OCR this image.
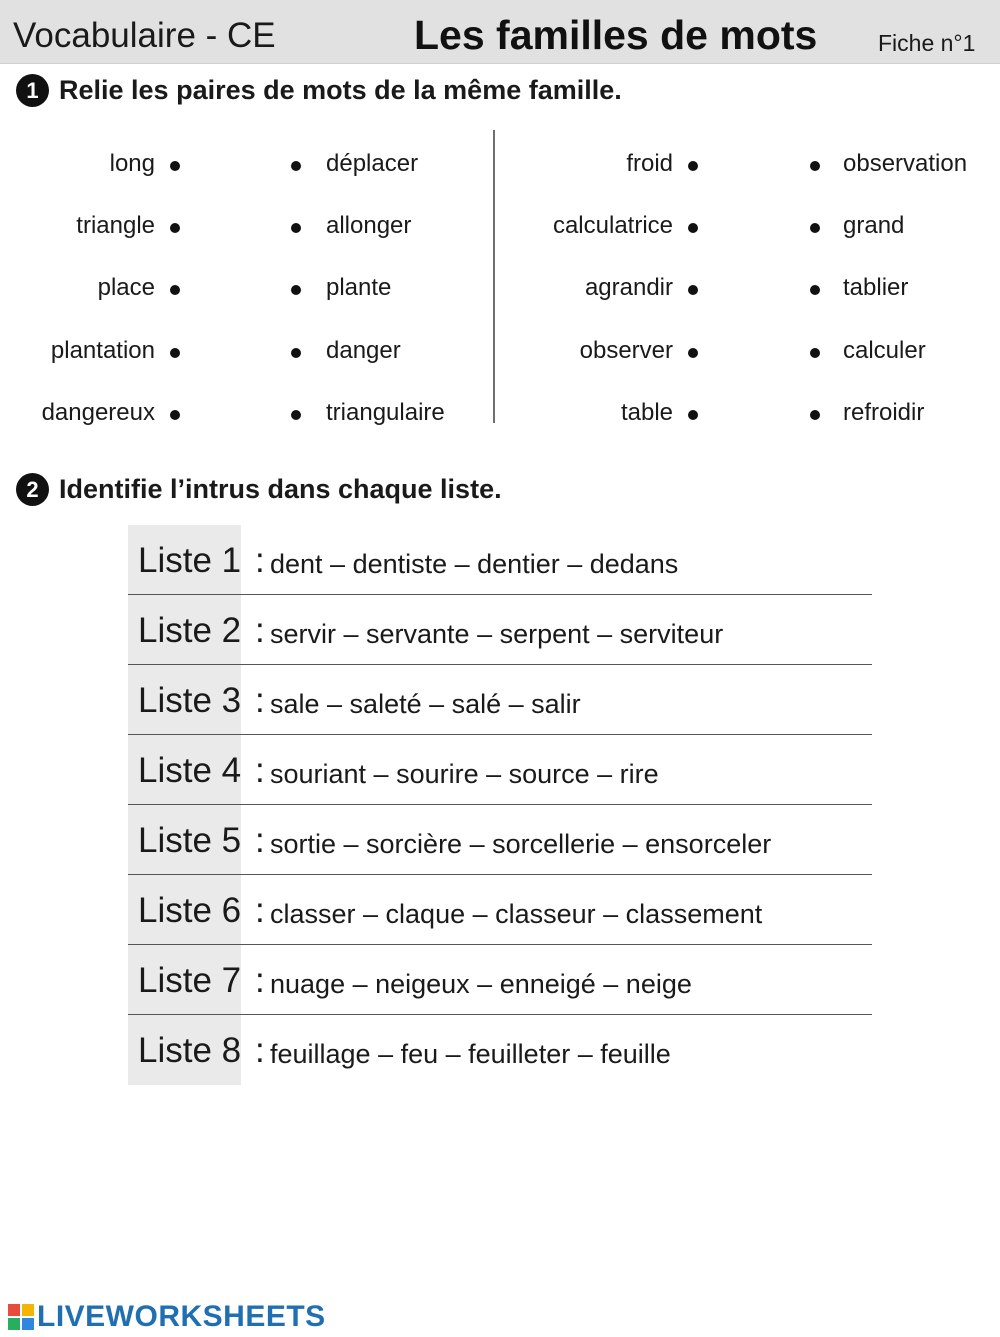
Vocabulaire - CE	Les familles de mots	Fiche n°1
1 Relie les paires de mots de la même famille.
long
triangle
place
plantation
dangereux
déplacer
allonger
plante
danger
triangulaire
froid
calculatrice
agrandir
observer
table
observation
grand
tablier
calculer
refroidir
2 Identifie l’intrus dans chaque liste.
Liste 1 : dent – dentiste – dentier – dedans
Liste 2 : servir – servante – serpent – serviteur
Liste 3 : sale – saleté – salé – salir
Liste 4 : souriant – sourire – source – rire
Liste 5 : sortie – sorcière – sorcellerie – ensorceler
Liste 6 : classer – claque – classeur – classement
Liste 7 : nuage – neigeux – enneigé – neige
Liste 8 : feuillage – feu – feuilleter – feuille
LIVEWORKSHEETS
